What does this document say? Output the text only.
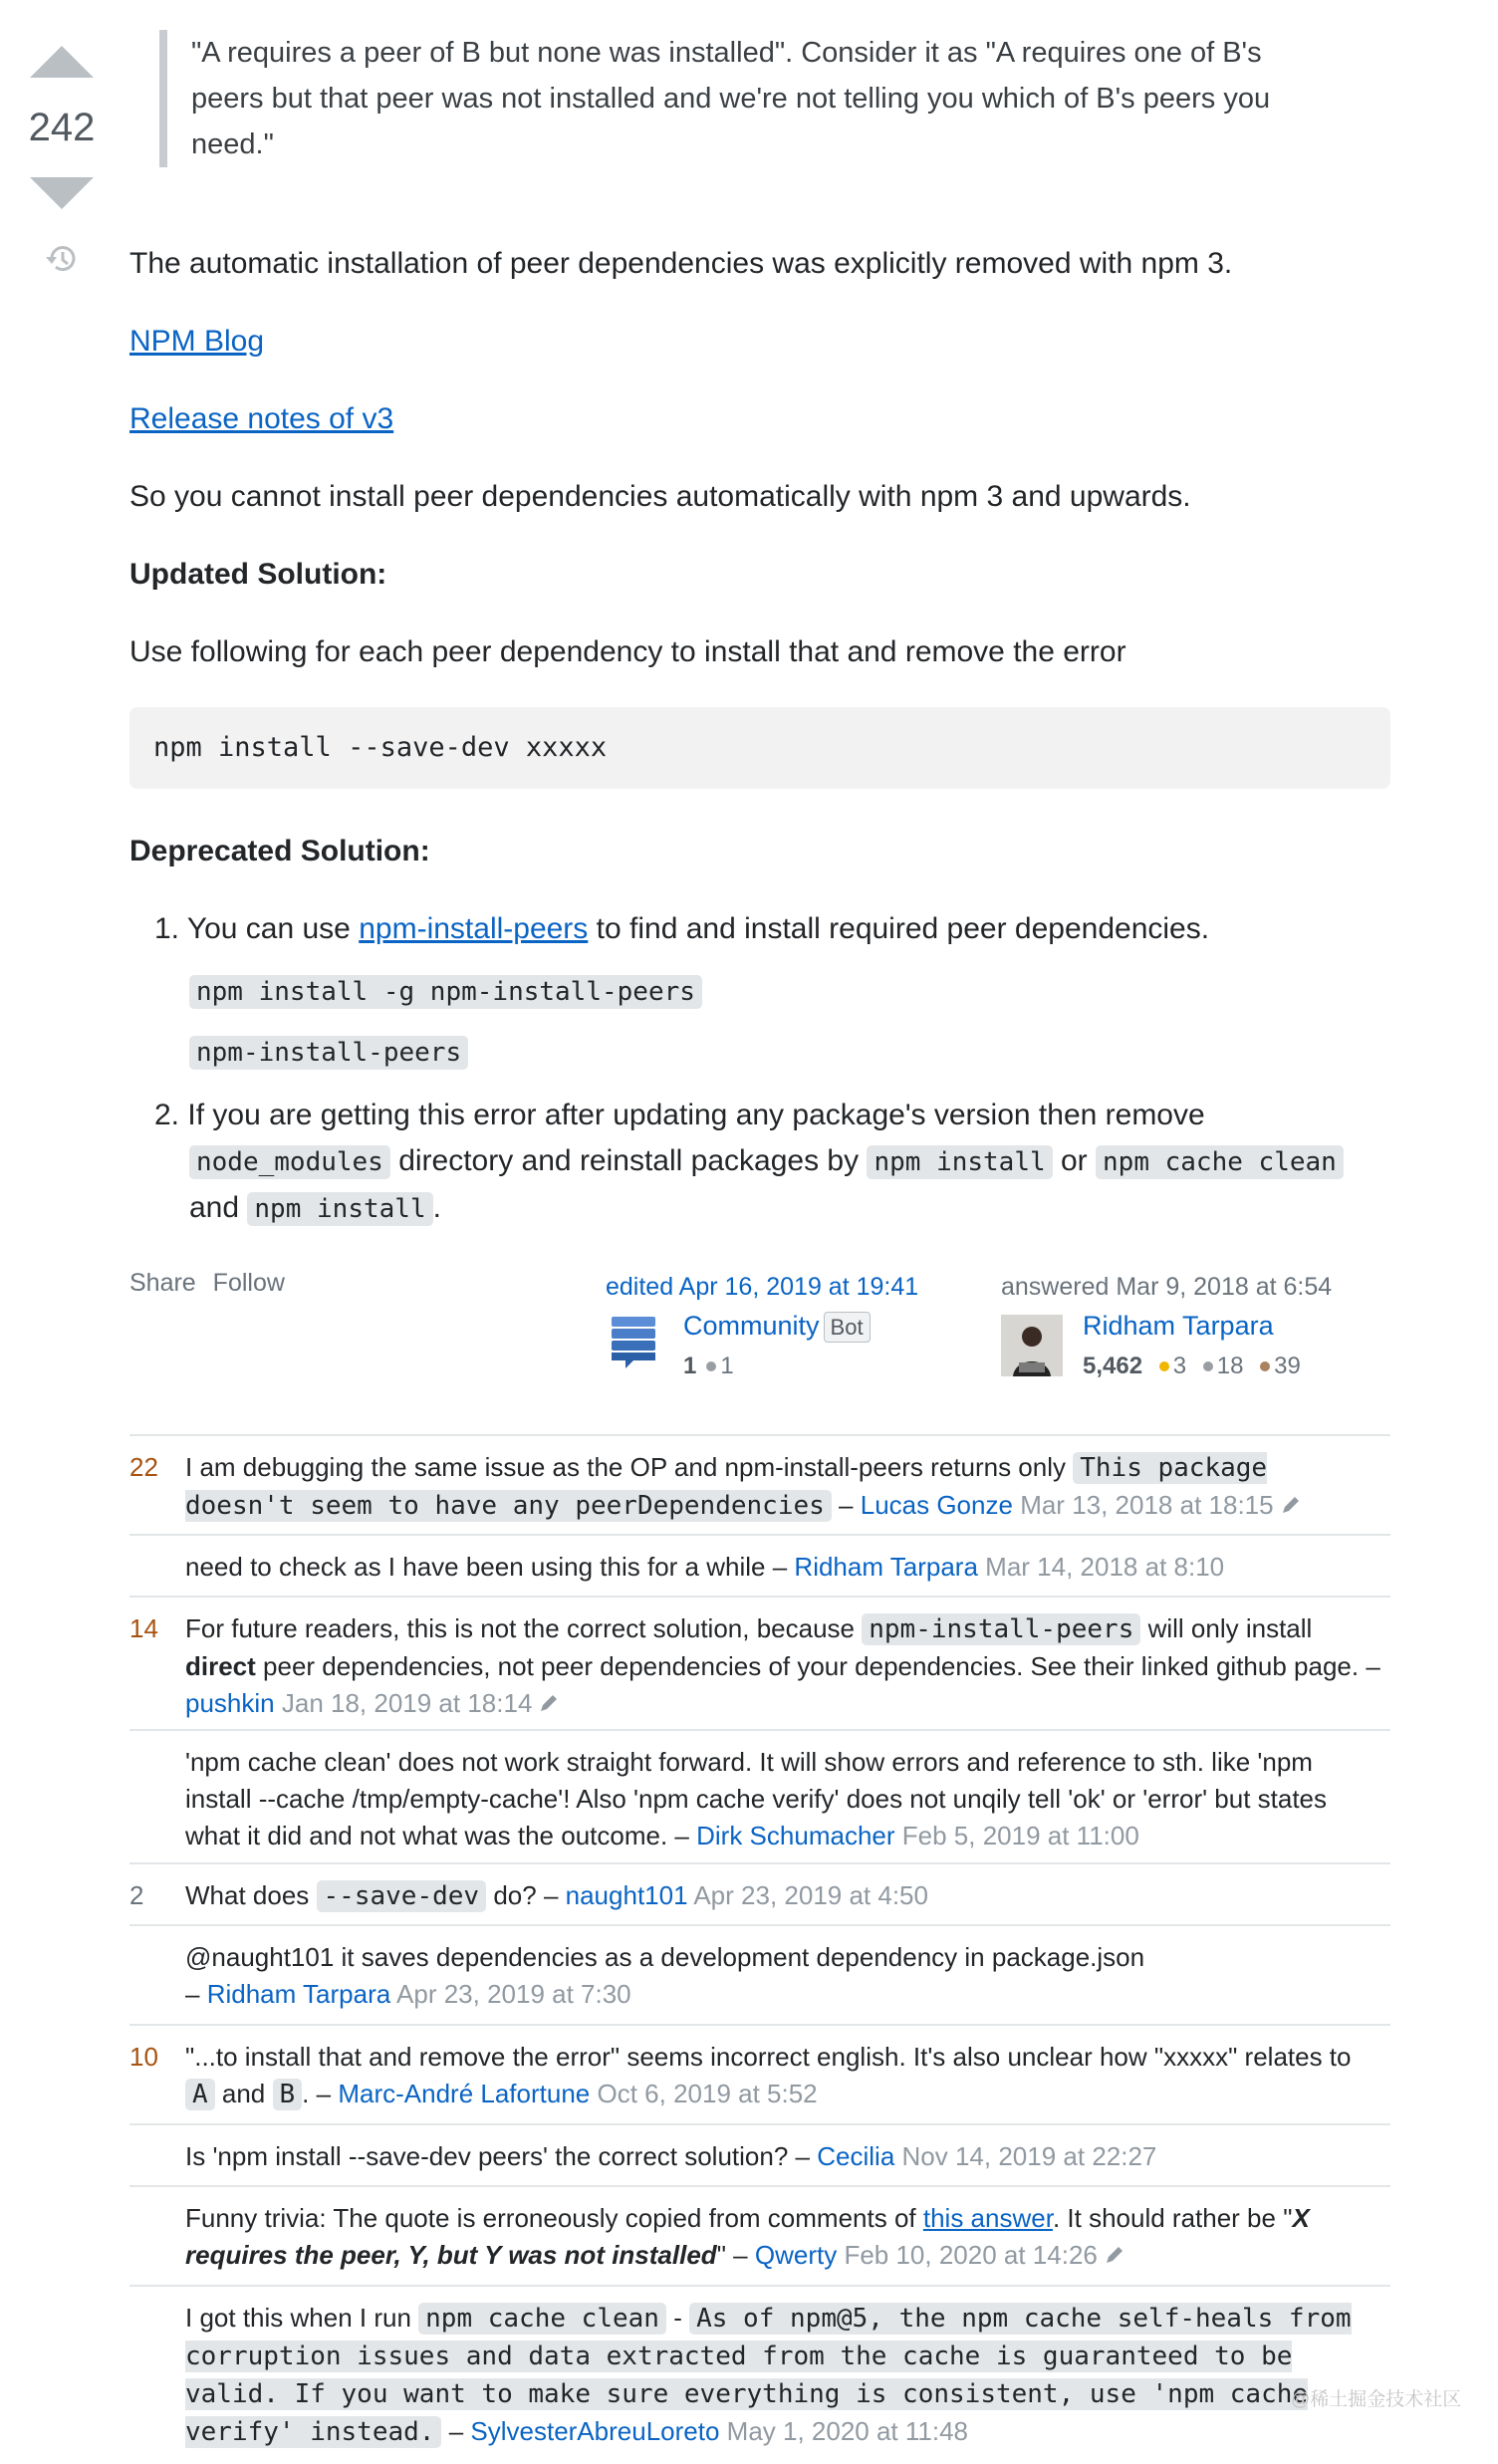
242
"A requires a peer of B but none was installed". Consider it as "A requires one of B's peers but that peer was not installed and we're not telling you which of B's peers you need."
The automatic installation of peer dependencies was explicitly removed with npm 3.
NPM Blog
Release notes of v3
So you cannot install peer dependencies automatically with npm 3 and upwards.
Updated Solution:
Use following for each peer dependency to install that and remove the error
npm install --save-dev xxxxx
Deprecated Solution:
1. You can use npm-install-peers to find and install required peer dependencies.
npm install -g npm-install-peers
npm-install-peers
2. If you are getting this error after updating any package's version then remove
node_modules directory and reinstall packages by npm install or npm cache clean
and npm install .
Share Follow	edited Apr 16, 2019 at 19:41
Community Bot
1 1
answered Mar 9, 2018 at 6:54
Ridham Tarpara
5,462 3 18 39
22	I am debugging the same issue as the OP and npm-install-peers returns only This package doesn't seem to have any peerDependencies – Lucas Gonze Mar 13, 2018 at 18:15
need to check as I have been using this for a while – Ridham Tarpara Mar 14, 2018 at 8:10
14	For future readers, this is not the correct solution, because npm-install-peers will only install direct peer dependencies, not peer dependencies of your dependencies. See their linked github page. – pushkin Jan 18, 2019 at 18:14
'npm cache clean' does not work straight forward. It will show errors and reference to sth. like 'npm install --cache /tmp/empty-cache'! Also 'npm cache verify' does not unqily tell 'ok' or 'error' but states what it did and not what was the outcome. – Dirk Schumacher Feb 5, 2019 at 11:00
2	What does --save-dev do? – naught101 Apr 23, 2019 at 4:50
@naught101 it saves dependencies as a development dependency in package.json
– Ridham Tarpara Apr 23, 2019 at 7:30
10	"...to install that and remove the error" seems incorrect english. It's also unclear how "xxxxx" relates to A and B . – Marc-André Lafortune Oct 6, 2019 at 5:52
Is 'npm install --save-dev peers' the correct solution? – Cecilia Nov 14, 2019 at 22:27
Funny trivia: The quote is erroneously copied from comments of this answer. It should rather be "X requires the peer, Y, but Y was not installed" – Qwerty Feb 10, 2020 at 14:26
I got this when I run npm cache clean - As of npm@5, the npm cache self-heals from corruption issues and data extracted from the cache is guaranteed to be valid. If you want to make sure everything is consistent, use 'npm cache verify' instead. – SylvesterAbreuLoreto May 1, 2020 at 11:48
@稀土掘金技术社区
